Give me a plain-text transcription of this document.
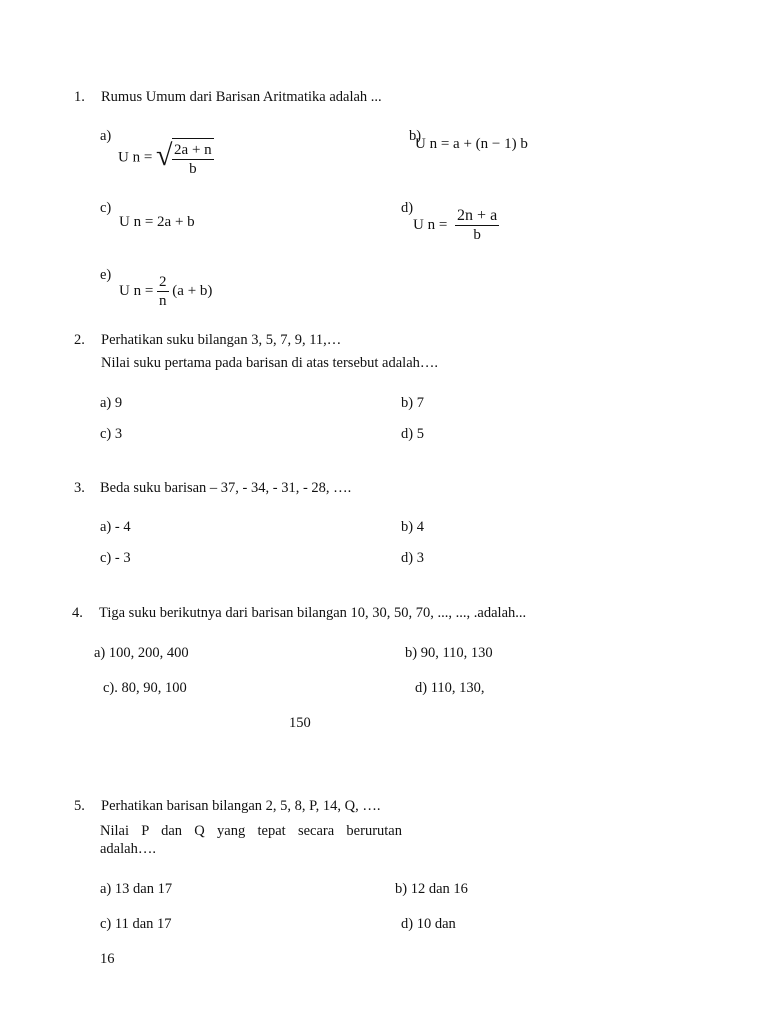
1. Rumus Umum dari Barisan Aritmatika adalah ...
a)
U n = √ $\frac{2a + n}{b}$
b)
U n = a + (n − 1) b
c)
U n = 2a + b
d)
U $n = \frac{2n + a}{b}$
e)
U $n = \frac{2}{n} (a + b)$
2. Perhatikan suku bilangan 3, 5, 7, 9, 11,…
Nilai suku pertama pada barisan di atas tersebut adalah….
a) 9	b) 7
c) 3	d) 5
3. Beda suku barisan – 37, - 34, - 31, - 28, ….
a) - 4	b) 4
c) - 3	d) 3
4. Tiga suku berikutnya dari barisan bilangan 10, 30, 50, 70, ..., ..., .adalah...
a) 100, 200, 400	b) 90, 110, 130
c). 80, 90, 100	d) 110, 130,
150
5. Perhatikan barisan bilangan 2, 5, 8, P, 14, Q, ….
Nilai P dan Q yang tepat secara berurutan
adalah….
a) 13 dan 17	b) 12 dan 16
c) 11 dan 17	d) 10 dan
16
